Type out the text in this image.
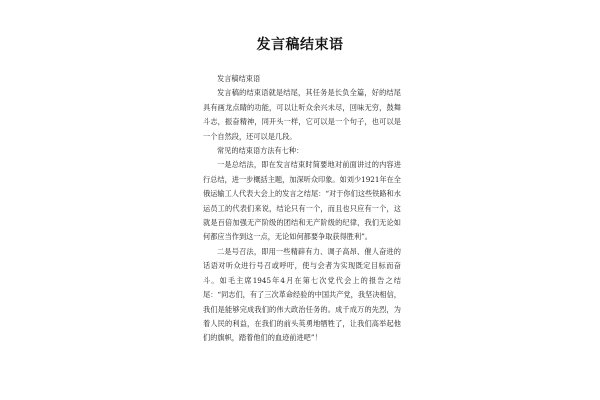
发言稿结束语

发言稿结束语

发言稿的结束语就是结尾，其任务是长负全篇，好的结尾具有画龙点睛的功能，可以让听众余兴未尽，回味无穷，鼓舞斗志，振奋精神，同开头一样，它可以是一个句子，也可以是一个自然段，还可以是几段。

常见的结束语方法有七种：

一是总结法，即在发言结束时简要地对前面讲过的内容进行总结，进一步概括主题，加深听众印象。如刘少1921年在全俄运输工人代表大会上的发言之结尾：“对于你们这些铁路和水运员工的代表们来说，结论只有一个，而且也只应有一个，这就是百倍加强无产阶级的团结和无产阶级的纪律，我们无论如何都应当作到这一点，无论如何都要争取获得胜利”。

二是号召法，即用一些精辟有力、调子高昂、催人奋进的话语对听众进行号召或呼吁，使与会者为实现既定目标而奋斗。如毛主席1945年4月在第七次党代会上的报告之结尾：“同志们，有了三次革命经验的中国共产党，我坚决相信，我们是能够完成我们的伟大政治任务的。成千成万的先烈，为着人民的利益，在我们的前头英勇地牺牲了，让我们高举起他们的旗帜，踏着他们的血迹前进吧”！
